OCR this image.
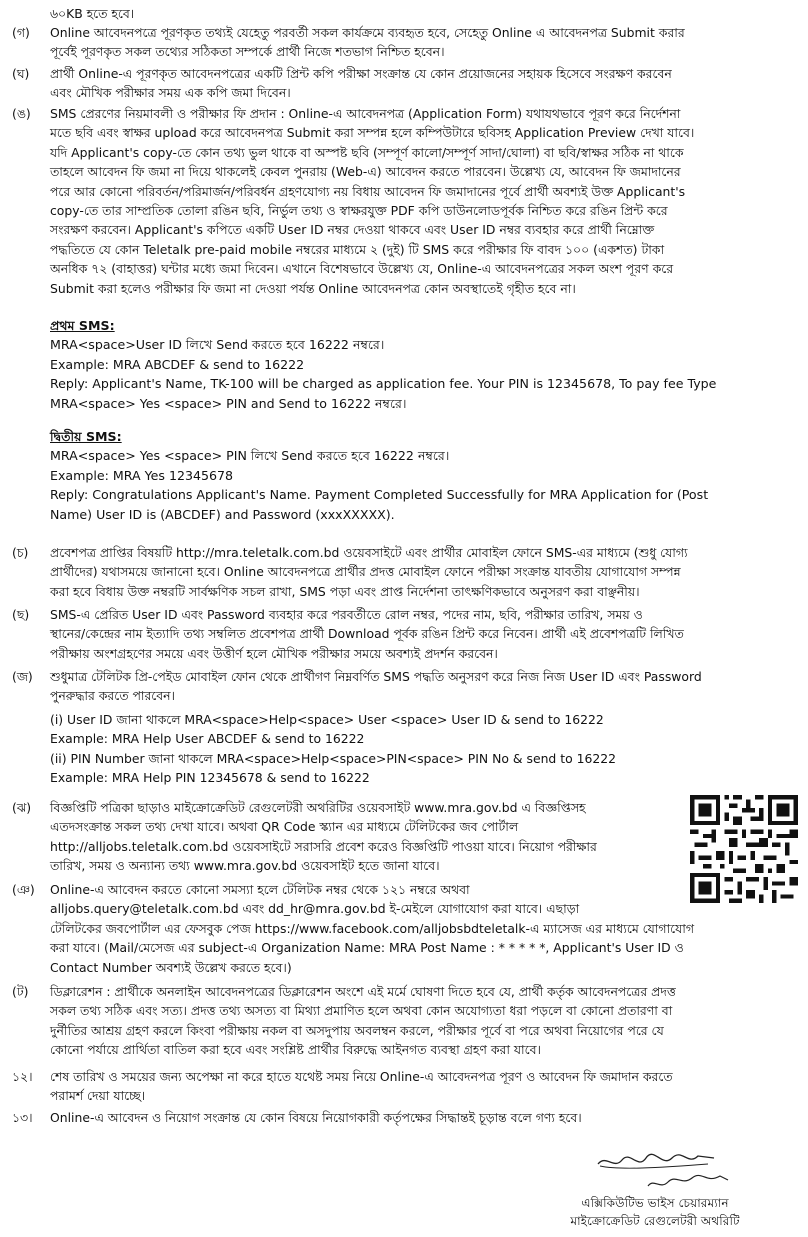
৬০KB হতে হবে।
(গ)	Online আবেদনপত্রে পূরণকৃত তথ্যই যেহেতু পরবর্তী সকল কার্যক্রমে ব্যবহৃত হবে, সেহেতু Online এ আবেদনপত্র Submit করার
পূর্বেই পূরণকৃত সকল তথ্যের সঠিকতা সম্পর্কে প্রার্থী নিজে শতভাগ নিশ্চিত হবেন।
(ঘ)	প্রার্থী Online-এ পূরণকৃত আবেদনপত্রের একটি প্রিন্ট কপি পরীক্ষা সংক্রান্ত যে কোন প্রয়োজনের সহায়ক হিসেবে সংরক্ষণ করবেন
এবং মৌখিক পরীক্ষার সময় এক কপি জমা দিবেন।
(ঙ)	SMS প্রেরণের নিয়মাবলী ও পরীক্ষার ফি প্রদান : Online-এ আবেদনপত্র (Application Form) যথাযথভাবে পূরণ করে নির্দেশনা
মতে ছবি এবং স্বাক্ষর upload করে আবেদনপত্র Submit করা সম্পন্ন হলে কম্পিউটারে ছবিসহ Application Preview দেখা যাবে।
যদি Applicant's copy-তে কোন তথ্য ভুল থাকে বা অস্পষ্ট ছবি (সম্পূর্ণ কালো/সম্পূর্ণ সাদা/ঘোলা) বা ছবি/স্বাক্ষর সঠিক না থাকে
তাহলে আবেদন ফি জমা না দিয়ে থাকলেই কেবল পুনরায় (Web-এ) আবেদন করতে পারবেন। উল্লেখ্য যে, আবেদন ফি জমাদানের
পরে আর কোনো পরিবর্তন/পরিমার্জন/পরিবর্ধন গ্রহণযোগ্য নয় বিধায় আবেদন ফি জমাদানের পূর্বে প্রার্থী অবশ্যই উক্ত Applicant's
copy-তে তার সাম্প্রতিক তোলা রঙিন ছবি, নির্ভুল তথ্য ও স্বাক্ষরযুক্ত PDF কপি ডাউনলোডপূর্বক নিশ্চিত করে রঙিন প্রিন্ট করে
সংরক্ষণ করবেন। Applicant's কপিতে একটি User ID নম্বর দেওয়া থাকবে এবং User ID নম্বর ব্যবহার করে প্রার্থী নিম্নোক্ত
পদ্ধতিতে যে কোন Teletalk pre-paid mobile নম্বরের মাধ্যমে ২ (দুই) টি SMS করে পরীক্ষার ফি বাবদ ১০০ (একশত) টাকা
অনধিক ৭২ (বাহাত্তর) ঘন্টার মধ্যে জমা দিবেন। এখানে বিশেষভাবে উল্লেখ্য যে, Online-এ আবেদনপত্রের সকল অংশ পূরণ করে
Submit করা হলেও পরীক্ষার ফি জমা না দেওয়া পর্যন্ত Online আবেদনপত্র কোন অবস্থাতেই গৃহীত হবে না।
প্রথম SMS:
MRA<space>User ID লিখে Send করতে হবে 16222 নম্বরে।
Example: MRA ABCDEF & send to 16222
Reply: Applicant's Name, TK-100 will be charged as application fee. Your PIN is 12345678, To pay fee Type
MRA<space> Yes <space> PIN and Send to 16222 নম্বরে।
দ্বিতীয় SMS:
MRA<space> Yes <space> PIN লিখে Send করতে হবে 16222 নম্বরে।
Example: MRA Yes 12345678
Reply: Congratulations Applicant's Name. Payment Completed Successfully for MRA Application for (Post
Name) User ID is (ABCDEF) and Password (xxxXXXXX).
(চ)	প্রবেশপত্র প্রাপ্তির বিষয়টি http://mra.teletalk.com.bd ওয়েবসাইটে এবং প্রার্থীর মোবাইল ফোনে SMS-এর মাধ্যমে (শুধু যোগ্য
প্রার্থীদের) যথাসময়ে জানানো হবে। Online আবেদনপত্রে প্রার্থীর প্রদত্ত মোবাইল ফোনে পরীক্ষা সংক্রান্ত যাবতীয় যোগাযোগ সম্পন্ন
করা হবে বিধায় উক্ত নম্বরটি সার্বক্ষণিক সচল রাখা, SMS পড়া এবং প্রাপ্ত নির্দেশনা তাৎক্ষণিকভাবে অনুসরণ করা বাঞ্ছনীয়।
(ছ)	SMS-এ প্রেরিত User ID এবং Password ব্যবহার করে পরবর্তীতে রোল নম্বর, পদের নাম, ছবি, পরীক্ষার তারিখ, সময় ও
স্থানের/কেন্দ্রের নাম ইত্যাদি তথ্য সম্বলিত প্রবেশপত্র প্রার্থী Download পূর্বক রঙিন প্রিন্ট করে নিবেন। প্রার্থী এই প্রবেশপত্রটি লিখিত
পরীক্ষায় অংশগ্রহণের সময়ে এবং উত্তীর্ণ হলে মৌখিক পরীক্ষার সময়ে অবশ্যই প্রদর্শন করবেন।
(জ)	শুধুমাত্র টেলিটক প্রি-পেইড মোবাইল ফোন থেকে প্রার্থীগণ নিম্নবর্ণিত SMS পদ্ধতি অনুসরণ করে নিজ নিজ User ID এবং Password
পুনরুদ্ধার করতে পারবেন।
(i) User ID জানা থাকলে MRA<space>Help<space> User <space> User ID & send to 16222
Example: MRA Help User ABCDEF & send to 16222
(ii) PIN Number জানা থাকলে MRA<space>Help<space>PIN<space> PIN No & send to 16222
Example: MRA Help PIN 12345678 & send to 16222
(ঝ)	বিজ্ঞপ্তিটি পত্রিকা ছাড়াও মাইক্রোক্রেডিট রেগুলেটরী অথরিটির ওয়েবসাইট www.mra.gov.bd এ বিজ্ঞপ্তিসহ
এতদসংক্রান্ত সকল তথ্য দেখা যাবে। অথবা QR Code স্ক্যান এর মাধ্যমে টেলিটকের জব পোর্টাল
http://alljobs.teletalk.com.bd ওয়েবসাইটে সরাসরি প্রবেশ করেও বিজ্ঞপ্তিটি পাওয়া যাবে। নিয়োগ পরীক্ষার
তারিখ, সময় ও অন্যান্য তথ্য www.mra.gov.bd ওয়েবসাইট হতে জানা যাবে।
(ঞ)	Online-এ আবেদন করতে কোনো সমস্যা হলে টেলিটক নম্বর থেকে ১২১ নম্বরে অথবা
alljobs.query@teletalk.com.bd এবং dd_hr@mra.gov.bd ই-মেইলে যোগাযোগ করা যাবে। এছাড়া
টেলিটকের জবপোর্টাল এর ফেসবুক পেজ https://www.facebook.com/alljobsbdteletalk-এ ম্যাসেজ এর মাধ্যমে যোগাযোগ
করা যাবে। (Mail/মেসেজ এর subject-এ Organization Name: MRA Post Name : * * * * *, Applicant's User ID ও
Contact Number অবশ্যই উল্লেখ করতে হবে।)
(ট)	ডিক্লারেশন : প্রার্থীকে অনলাইন আবেদনপত্রের ডিক্লারেশন অংশে এই মর্মে ঘোষণা দিতে হবে যে, প্রার্থী কর্তৃক আবেদনপত্রের প্রদত্ত
সকল তথ্য সঠিক এবং সত্য। প্রদত্ত তথ্য অসত্য বা মিথ্যা প্রমাণিত হলে অথবা কোন অযোগ্যতা ধরা পড়লে বা কোনো প্রতারণা বা
দুর্নীতির আশ্রয় গ্রহণ করলে কিংবা পরীক্ষায় নকল বা অসদুপায় অবলম্বন করলে, পরীক্ষার পূর্বে বা পরে অথবা নিয়োগের পরে যে
কোনো পর্যায়ে প্রার্থিতা বাতিল করা হবে এবং সংশ্লিষ্ট প্রার্থীর বিরুদ্ধে আইনগত ব্যবস্থা গ্রহণ করা যাবে।
১২।	শেষ তারিখ ও সময়ের জন্য অপেক্ষা না করে হাতে যথেষ্ট সময় নিয়ে Online-এ আবেদনপত্র পূরণ ও আবেদন ফি জমাদান করতে
পরামর্শ দেয়া যাচ্ছে।
১৩।	Online-এ আবেদন ও নিয়োগ সংক্রান্ত যে কোন বিষয়ে নিয়োগকারী কর্তৃপক্ষের সিদ্ধান্তই চূড়ান্ত বলে গণ্য হবে।
এক্সিকিউটিভ ভাইস চেয়ারম্যান
মাইক্রোক্রেডিট রেগুলেটরী অথরিটি
